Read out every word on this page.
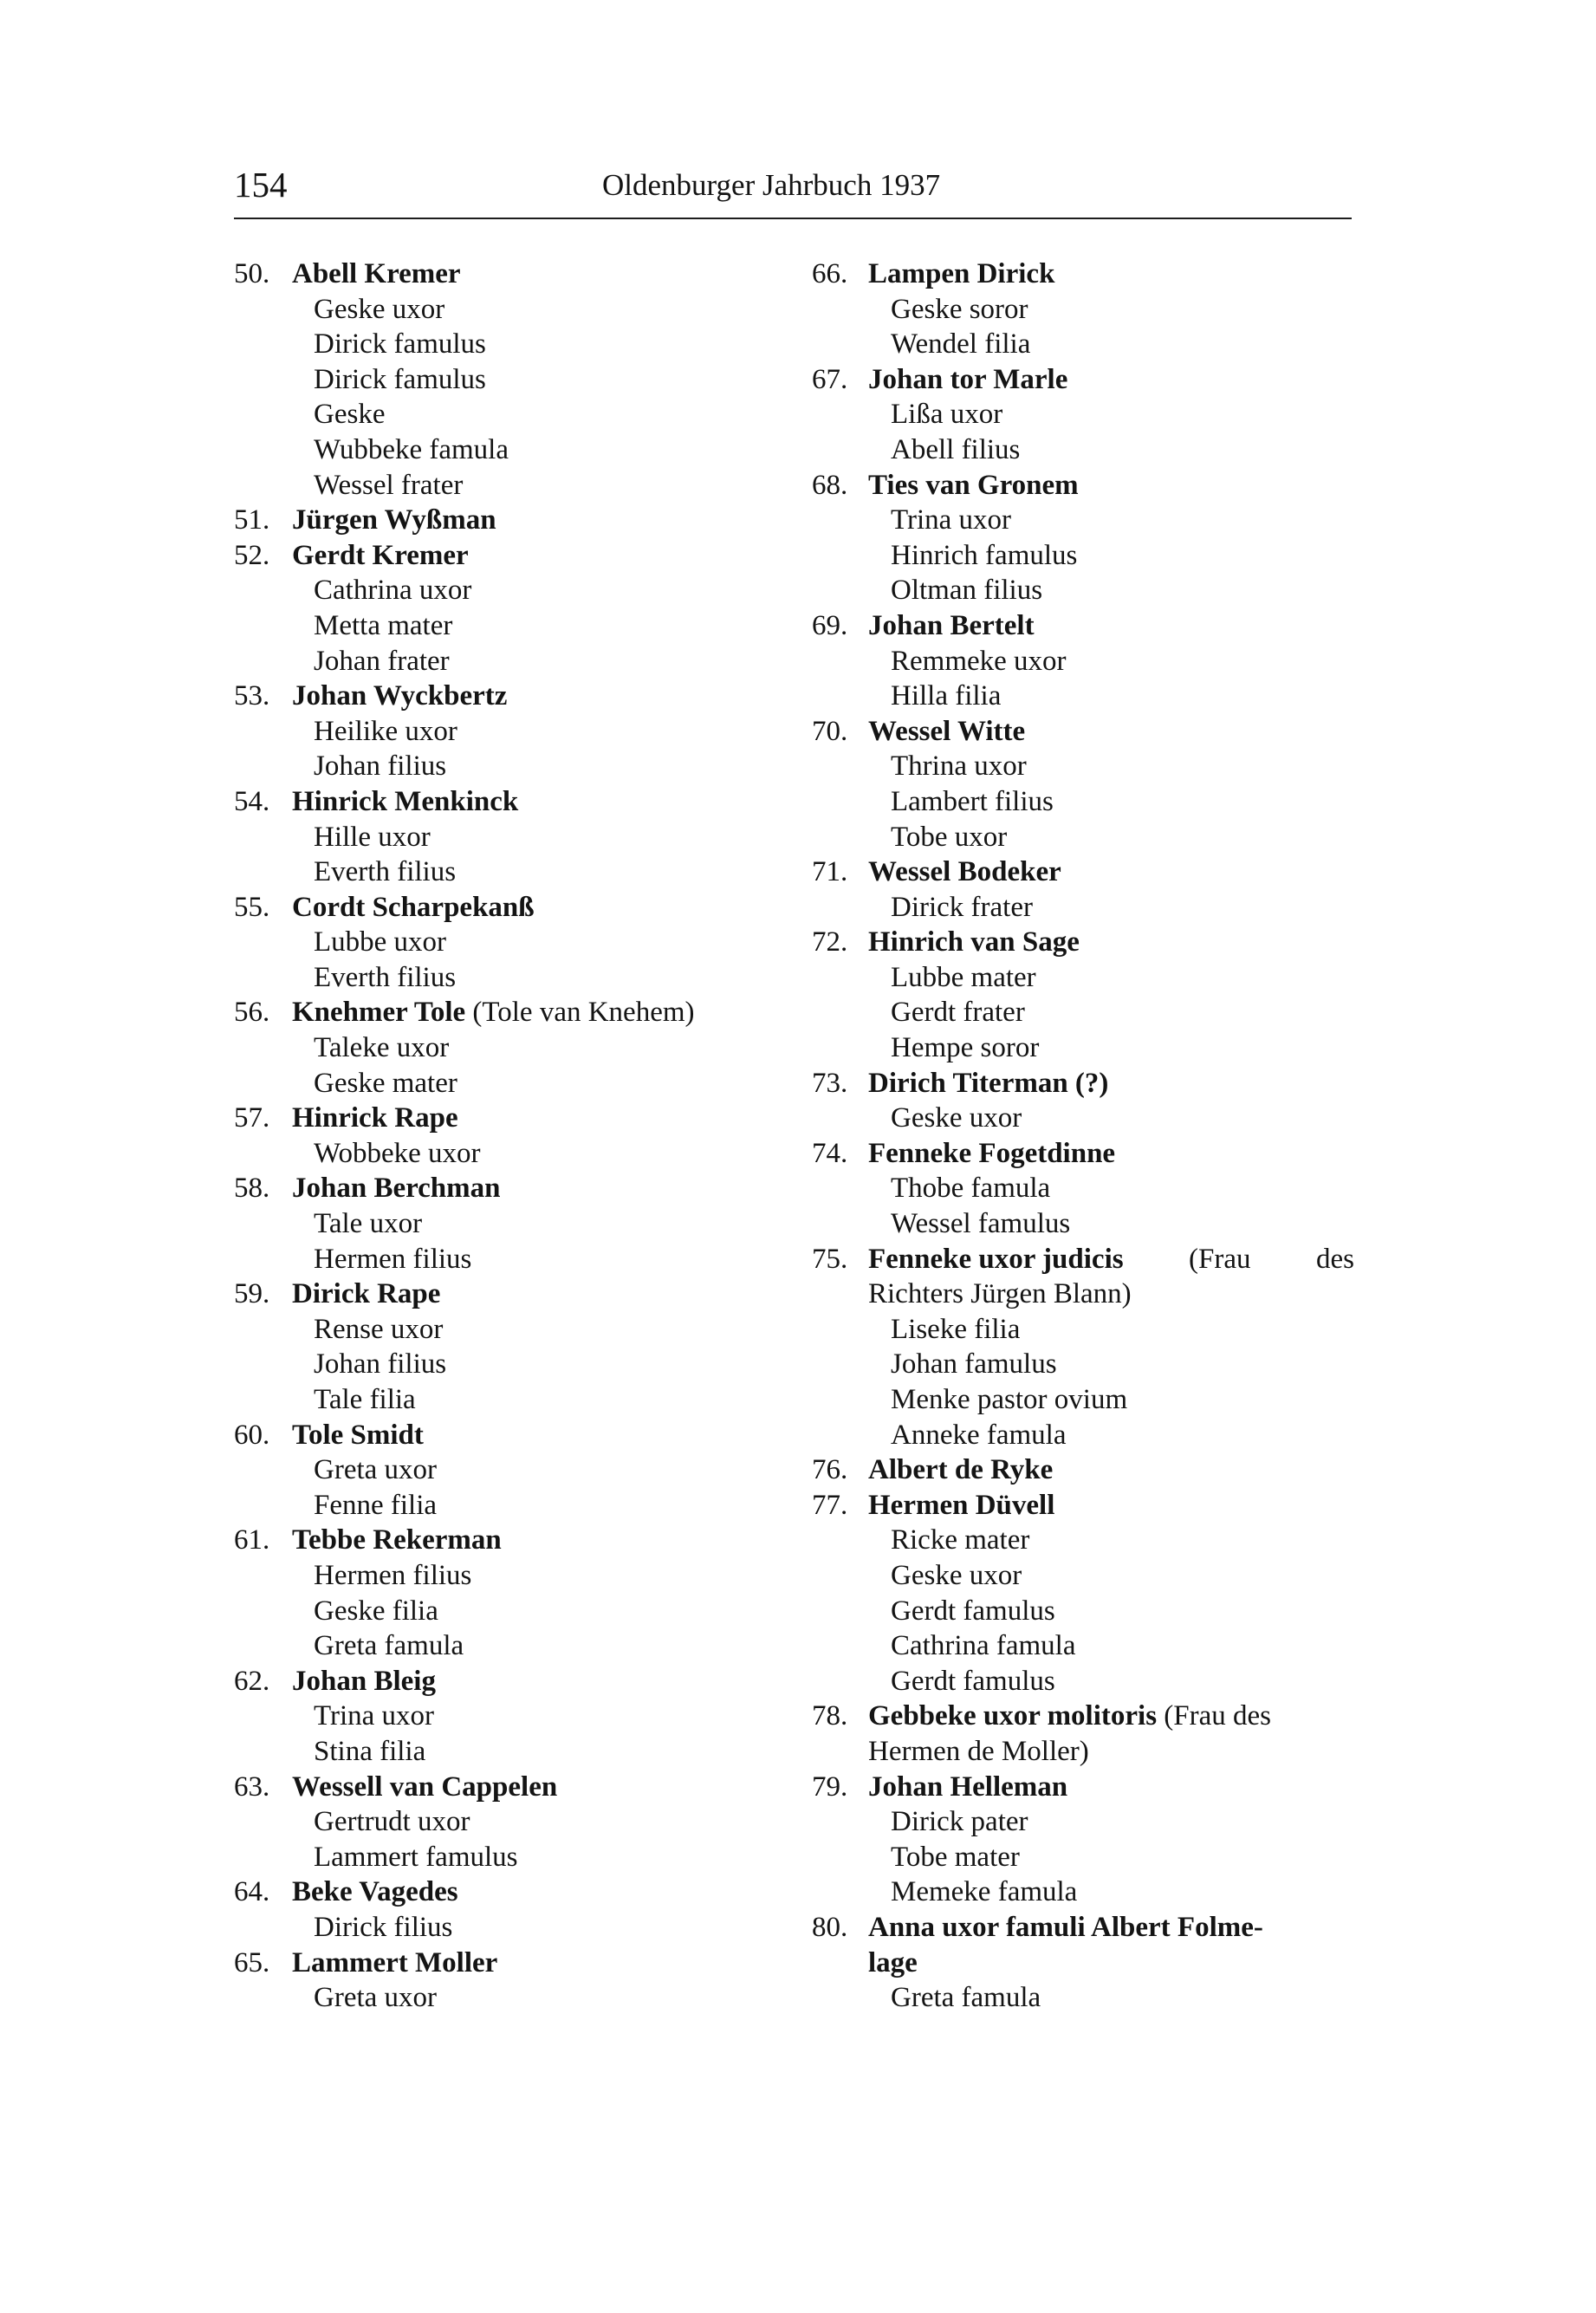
154	Oldenburger Jahrbuch 1937
50. Abell Kremer
Geske uxor
Dirick famulus
Dirick famulus
Geske
Wubbeke famula
Wessel frater
51. Jürgen Wyßman
52. Gerdt Kremer
Cathrina uxor
Metta mater
Johan frater
53. Johan Wyckbertz
Heilike uxor
Johan filius
54. Hinrick Menkinck
Hille uxor
Everth filius
55. Cordt Scharpekanß
Lubbe uxor
Everth filius
56. Knehmer Tole (Tole van Knehem)
Taleke uxor
Geske mater
57. Hinrick Rape
Wobbeke uxor
58. Johan Berchman
Tale uxor
Hermen filius
59. Dirick Rape
Rense uxor
Johan filius
Tale filia
60. Tole Smidt
Greta uxor
Fenne filia
61. Tebbe Rekerman
Hermen filius
Geske filia
Greta famula
62. Johan Bleig
Trina uxor
Stina filia
63. Wessell van Cappelen
Gertrudt uxor
Lammert famulus
64. Beke Vagedes
Dirick filius
65. Lammert Moller
Greta uxor
66. Lampen Dirick
Geske soror
Wendel filia
67. Johan tor Marle
Lißa uxor
Abell filius
68. Ties van Gronem
Trina uxor
Hinrich famulus
Oltman filius
69. Johan Bertelt
Remmeke uxor
Hilla filia
70. Wessel Witte
Thrina uxor
Lambert filius
Tobe uxor
71. Wessel Bodeker
Dirick frater
72. Hinrich van Sage
Lubbe mater
Gerdt frater
Hempe soror
73. Dirich Titerman (?)
Geske uxor
74. Fenneke Fogetdinne
Thobe famula
Wessel famulus
75. Fenneke uxor judicis (Frau des
Richters Jürgen Blann)
Liseke filia
Johan famulus
Menke pastor ovium
Anneke famula
76. Albert de Ryke
77. Hermen Düvell
Ricke mater
Geske uxor
Gerdt famulus
Cathrina famula
Gerdt famulus
78. Gebbeke uxor molitoris (Frau des
Hermen de Moller)
79. Johan Helleman
Dirick pater
Tobe mater
Memeke famula
80. Anna uxor famuli Albert Folme-
lage
Greta famula
